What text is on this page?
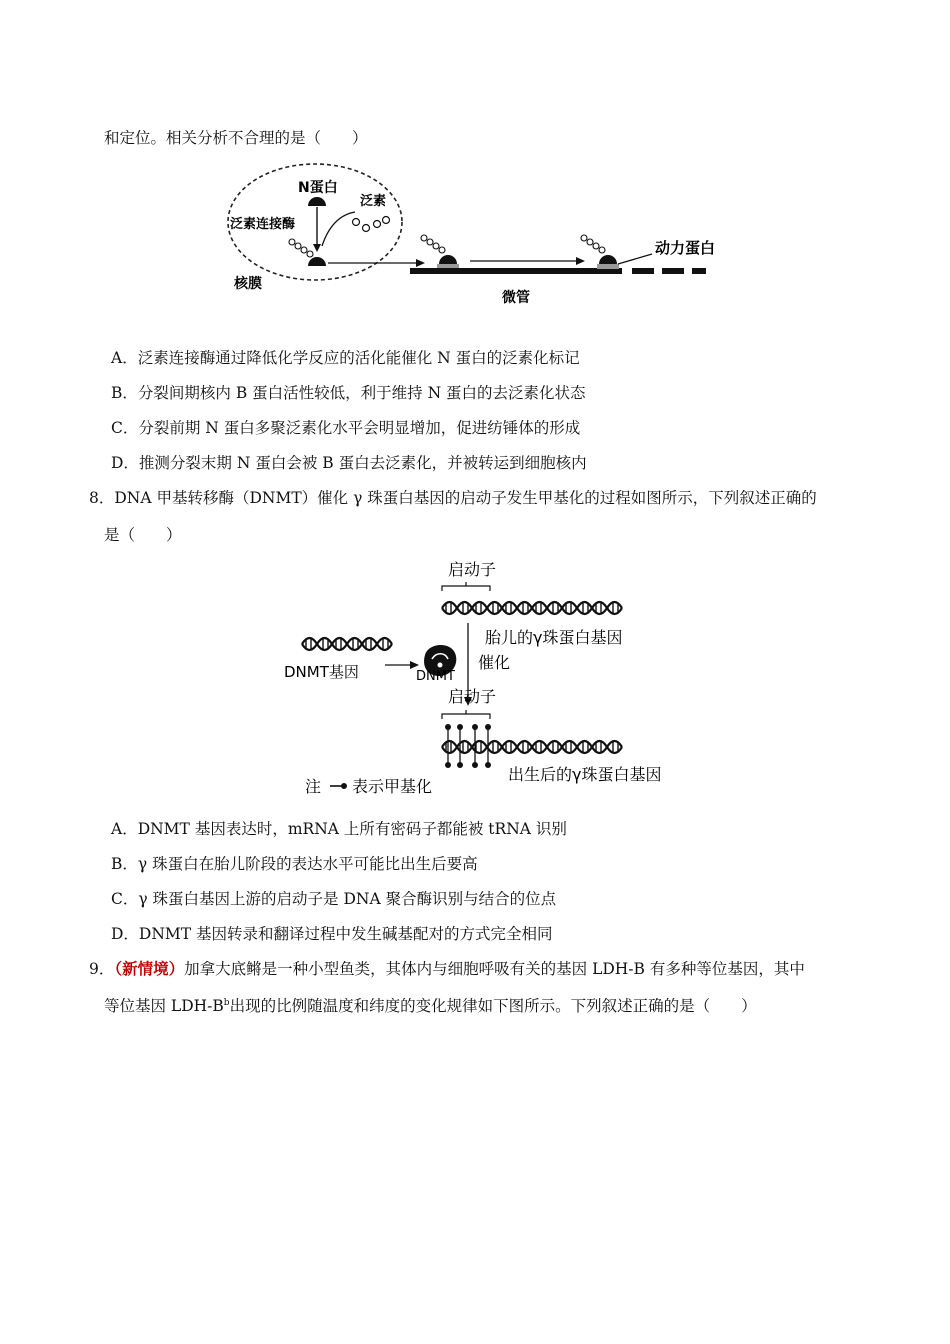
和定位。相关分析不合理的是（　　）
N蛋白
泛素
泛素连接酶
核膜
动力蛋白
微管
A．泛素连接酶通过降低化学反应的活化能催化 N 蛋白的泛素化标记
B．分裂间期核内 B 蛋白活性较低，利于维持 N 蛋白的去泛素化状态
C．分裂前期 N 蛋白多聚泛素化水平会明显增加，促进纺锤体的形成
D．推测分裂末期 N 蛋白会被 B 蛋白去泛素化，并被转运到细胞核内
8．DNA 甲基转移酶（DNMT）催化 γ 珠蛋白基因的启动子发生甲基化的过程如图所示，下列叙述正确的
是（　　）
启动子
胎儿的γ珠蛋白基因
催化
DNMT基因	DNMT
启动子
出生后的γ珠蛋白基因
注 表示甲基化
A．DNMT 基因表达时，mRNA 上所有密码子都能被 tRNA 识别
B．γ 珠蛋白在胎儿阶段的表达水平可能比出生后要高
C．γ 珠蛋白基因上游的启动子是 DNA 聚合酶识别与结合的位点
D．DNMT 基因转录和翻译过程中发生碱基配对的方式完全相同
9．（新情境）加拿大底鳉是一种小型鱼类，其体内与细胞呼吸有关的基因 LDH-B 有多种等位基因，其中
等位基因 LDH-$B^b$出现的比例随温度和纬度的变化规律如下图所示。下列叙述正确的是（　　）
